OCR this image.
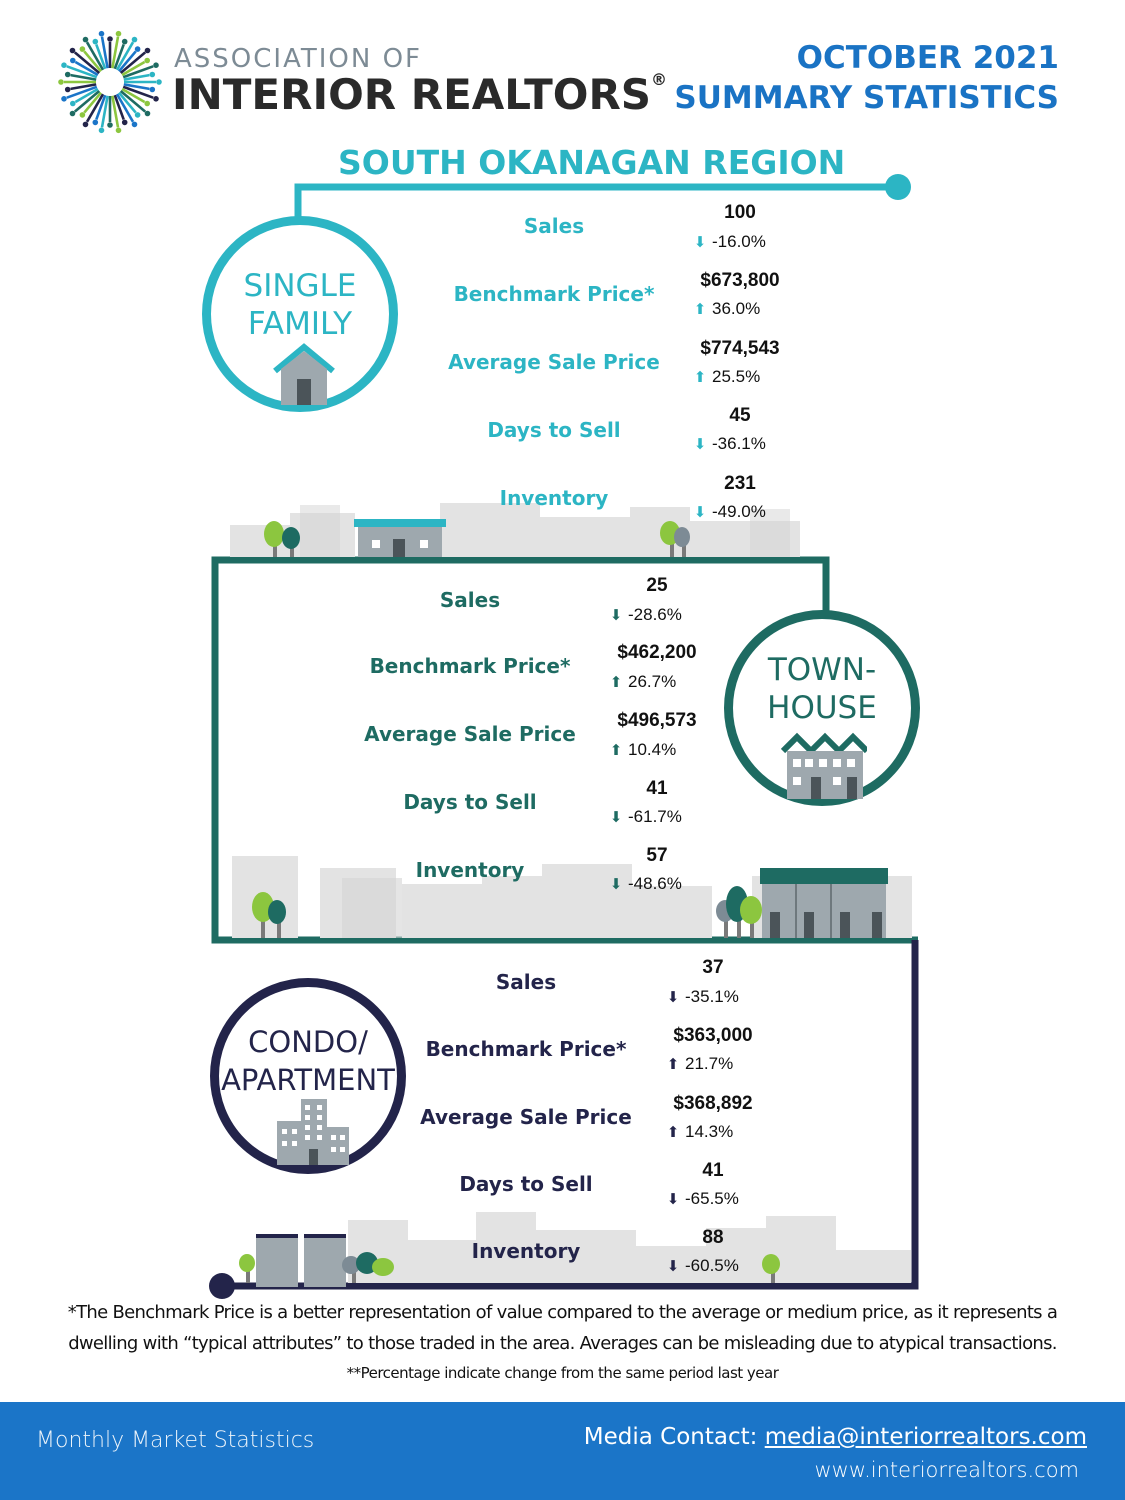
ASSOCIATION OF
INTERIOR REALTORS®
OCTOBER 2021
SUMMARY STATISTICS
SOUTH OKANAGAN REGION
SINGLE
FAMILY
TOWN-
HOUSE
CONDO/
APARTMENT
Sales
100
⬇ -16.0%
Benchmark Price*
$673,800
⬆ 36.0%
Average Sale Price
$774,543
⬆ 25.5%
Days to Sell
45
⬇ -36.1%
Inventory
231
⬇ -49.0%
Sales
25
⬇ -28.6%
Benchmark Price*
$462,200
⬆ 26.7%
Average Sale Price
$496,573
⬆ 10.4%
Days to Sell
41
⬇ -61.7%
Inventory
57
⬇ -48.6%
Sales
37
⬇ -35.1%
Benchmark Price*
$363,000
⬆ 21.7%
Average Sale Price
$368,892
⬆ 14.3%
Days to Sell
41
⬇ -65.5%
Inventory
88
⬇ -60.5%
*The Benchmark Price is a better representation of value compared to the average or medium price, as it represents a
dwelling with “typical attributes” to those traded in the area. Averages can be misleading due to atypical transactions.
**Percentage indicate change from the same period last year
Monthly Market Statistics	Media Contact: media@interiorrealtors.com
www.interiorrealtors.com
